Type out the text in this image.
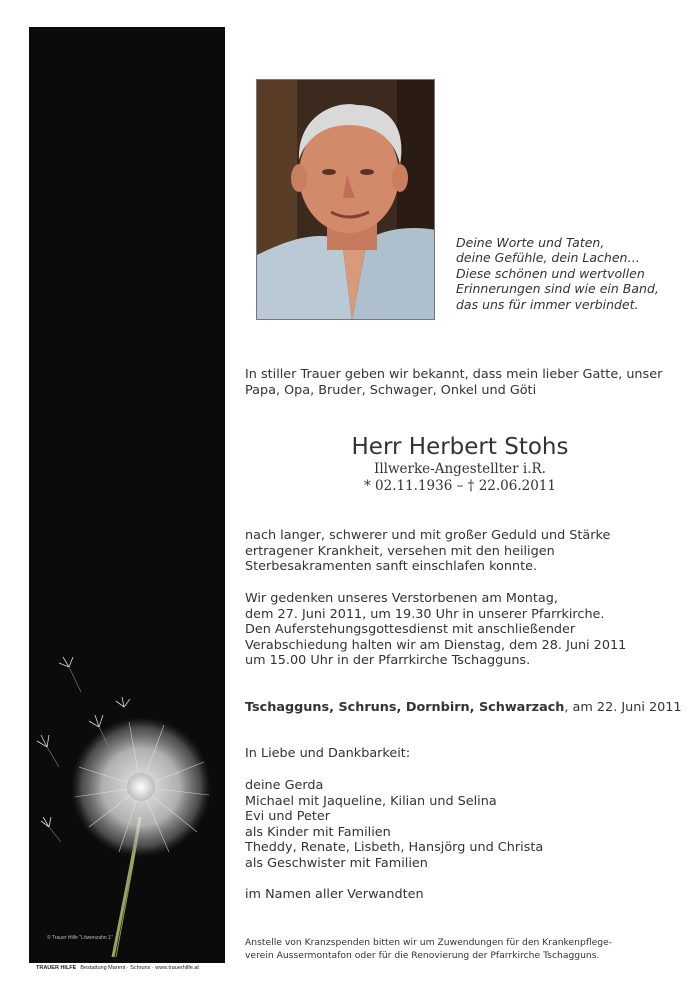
© Trauer Hilfe "Löwenzahn 1"
TRAUER HILFE Bestattung Marent · Schruns · www.trauerhilfe.at
Deine Worte und Taten,
deine Gefühle, dein Lachen…
Diese schönen und wertvollen
Erinnerungen sind wie ein Band,
das uns für immer verbindet.
In stiller Trauer geben wir bekannt, dass mein lieber Gatte, unser
Papa, Opa, Bruder, Schwager, Onkel und Göti
Herr Herbert Stohs
Illwerke-Angestellter i.R.
* 02.11.1936 – † 22.06.2011
nach langer, schwerer und mit großer Geduld und Stärke
ertragener Krankheit, versehen mit den heiligen
Sterbesakramenten sanft einschlafen konnte.
Wir gedenken unseres Verstorbenen am Montag,
dem 27. Juni 2011, um 19.30 Uhr in unserer Pfarrkirche.
Den Auferstehungsgottesdienst mit anschließender
Verabschiedung halten wir am Dienstag, dem 28. Juni 2011
um 15.00 Uhr in der Pfarrkirche Tschagguns.
Tschagguns, Schruns, Dornbirn, Schwarzach, am 22. Juni 2011
In Liebe und Dankbarkeit:
deine Gerda
Michael mit Jaqueline, Kilian und Selina
Evi und Peter
als Kinder mit Familien
Theddy, Renate, Lisbeth, Hansjörg und Christa
als Geschwister mit Familien
im Namen aller Verwandten
Anstelle von Kranzspenden bitten wir um Zuwendungen für den Krankenpflege-
verein Aussermontafon oder für die Renovierung der Pfarrkirche Tschagguns.
